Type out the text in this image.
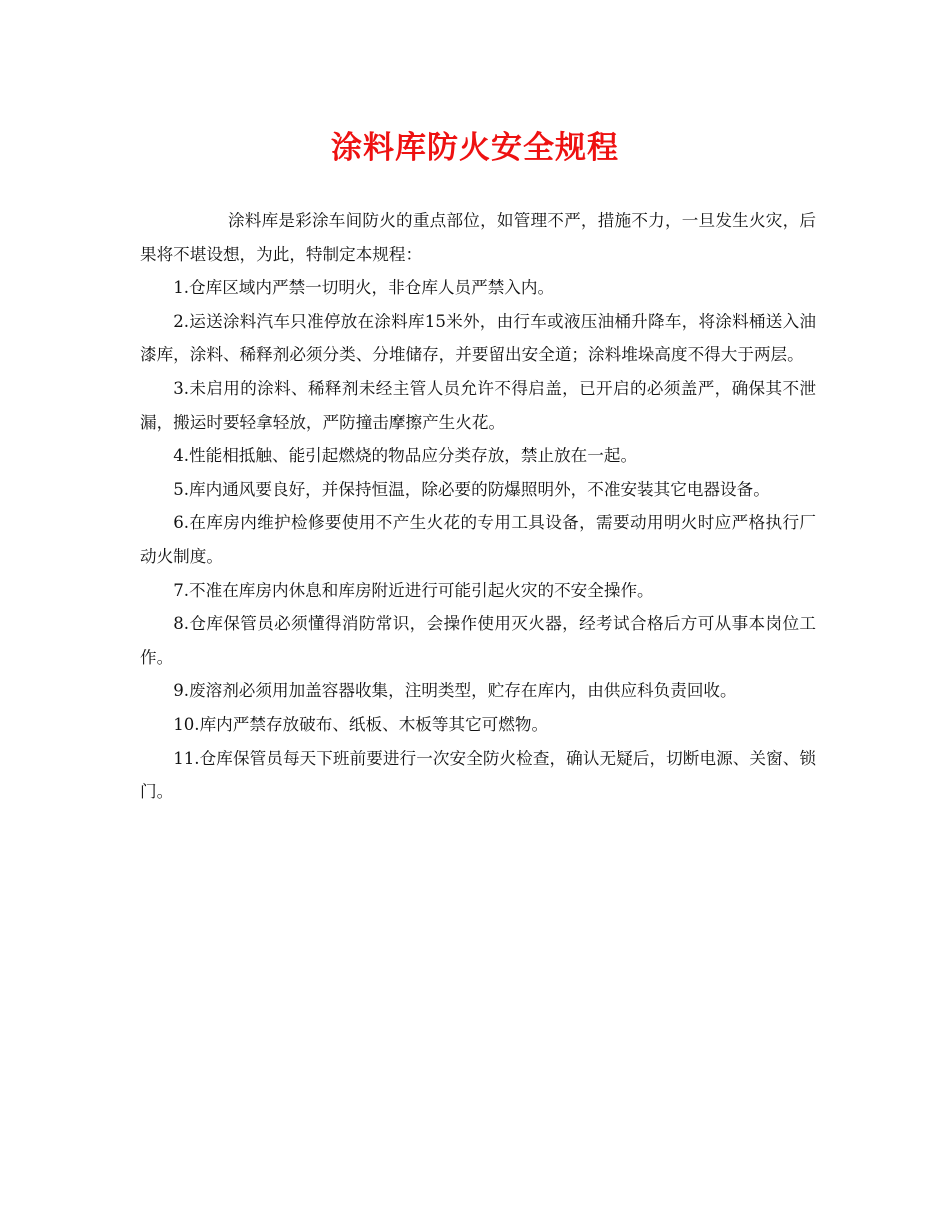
涂料库防火安全规程

涂料库是彩涂车间防火的重点部位，如管理不严，措施不力，一旦发生火灾，后果将不堪设想，为此，特制定本规程：

1.仓库区域内严禁一切明火，非仓库人员严禁入内。

2.运送涂料汽车只准停放在涂料库15米外，由行车或液压油桶升降车，将涂料桶送入油漆库，涂料、稀释剂必须分类、分堆储存，并要留出安全道；涂料堆垛高度不得大于两层。

3.未启用的涂料、稀释剂未经主管人员允许不得启盖，已开启的必须盖严，确保其不泄漏，搬运时要轻拿轻放，严防撞击摩擦产生火花。

4.性能相抵触、能引起燃烧的物品应分类存放，禁止放在一起。

5.库内通风要良好，并保持恒温，除必要的防爆照明外，不准安装其它电器设备。

6.在库房内维护检修要使用不产生火花的专用工具设备，需要动用明火时应严格执行厂动火制度。

7.不准在库房内休息和库房附近进行可能引起火灾的不安全操作。

8.仓库保管员必须懂得消防常识，会操作使用灭火器，经考试合格后方可从事本岗位工作。

9.废溶剂必须用加盖容器收集，注明类型，贮存在库内，由供应科负责回收。

10.库内严禁存放破布、纸板、木板等其它可燃物。

11.仓库保管员每天下班前要进行一次安全防火检查，确认无疑后，切断电源、关窗、锁门。
